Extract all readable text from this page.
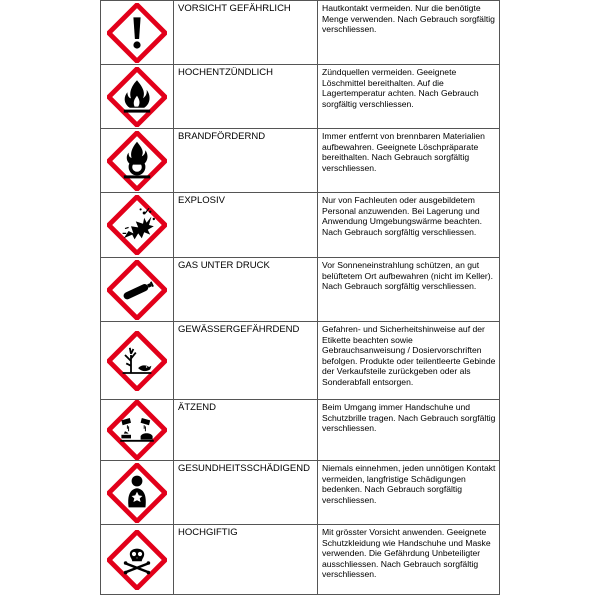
	VORSICHT GEFÄHRLICH	Hautkontakt vermeiden. Nur die benötigte Menge verwenden. Nach Gebrauch sorgfältig verschliessen.

	HOCHENTZÜNDLICH	Zündquellen vermeiden. Geeignete Löschmittel bereithalten. Auf die Lagertemperatur achten. Nach Gebrauch sorgfältig verschliessen.

	BRANDFÖRDERND	Immer entfernt von brennbaren Materialien aufbewahren. Geeignete Löschpräparate bereithalten. Nach Gebrauch sorgfältig verschliessen.

	EXPLOSIV	Nur von Fachleuten oder ausgebildetem Personal anzuwenden. Bei Lagerung und Anwendung Umgebungswärme beachten. Nach Gebrauch sorgfältig verschliessen.

	GAS UNTER DRUCK	Vor Sonneneinstrahlung schützen, an gut belüftetem Ort aufbewahren (nicht im Keller). Nach Gebrauch sorgfältig verschliessen.

	GEWÄSSERGEFÄHRDEND	Gefahren- und Sicherheitshinweise auf der Etikette beachten sowie Gebrauchsanweisung / Dosiervorschriften befolgen. Produkte oder teilentleerte Gebinde der Verkaufsteile zurückgeben oder als Sonderabfall entsorgen.

	ÄTZEND	Beim Umgang immer Handschuhe und Schutzbrille tragen. Nach Gebrauch sorgfältig verschliessen.

	GESUNDHEITSSCHÄDIGEND	Niemals einnehmen, jeden unnötigen Kontakt vermeiden, langfristige Schädigungen bedenken. Nach Gebrauch sorgfältig verschliessen.

	HOCHGIFTIG	Mit grösster Vorsicht anwenden. Geeignete Schutzkleidung wie Handschuhe und Maske verwenden. Die Gefährdung Unbeteiligter ausschliessen. Nach Gebrauch sorgfältig verschliessen.
